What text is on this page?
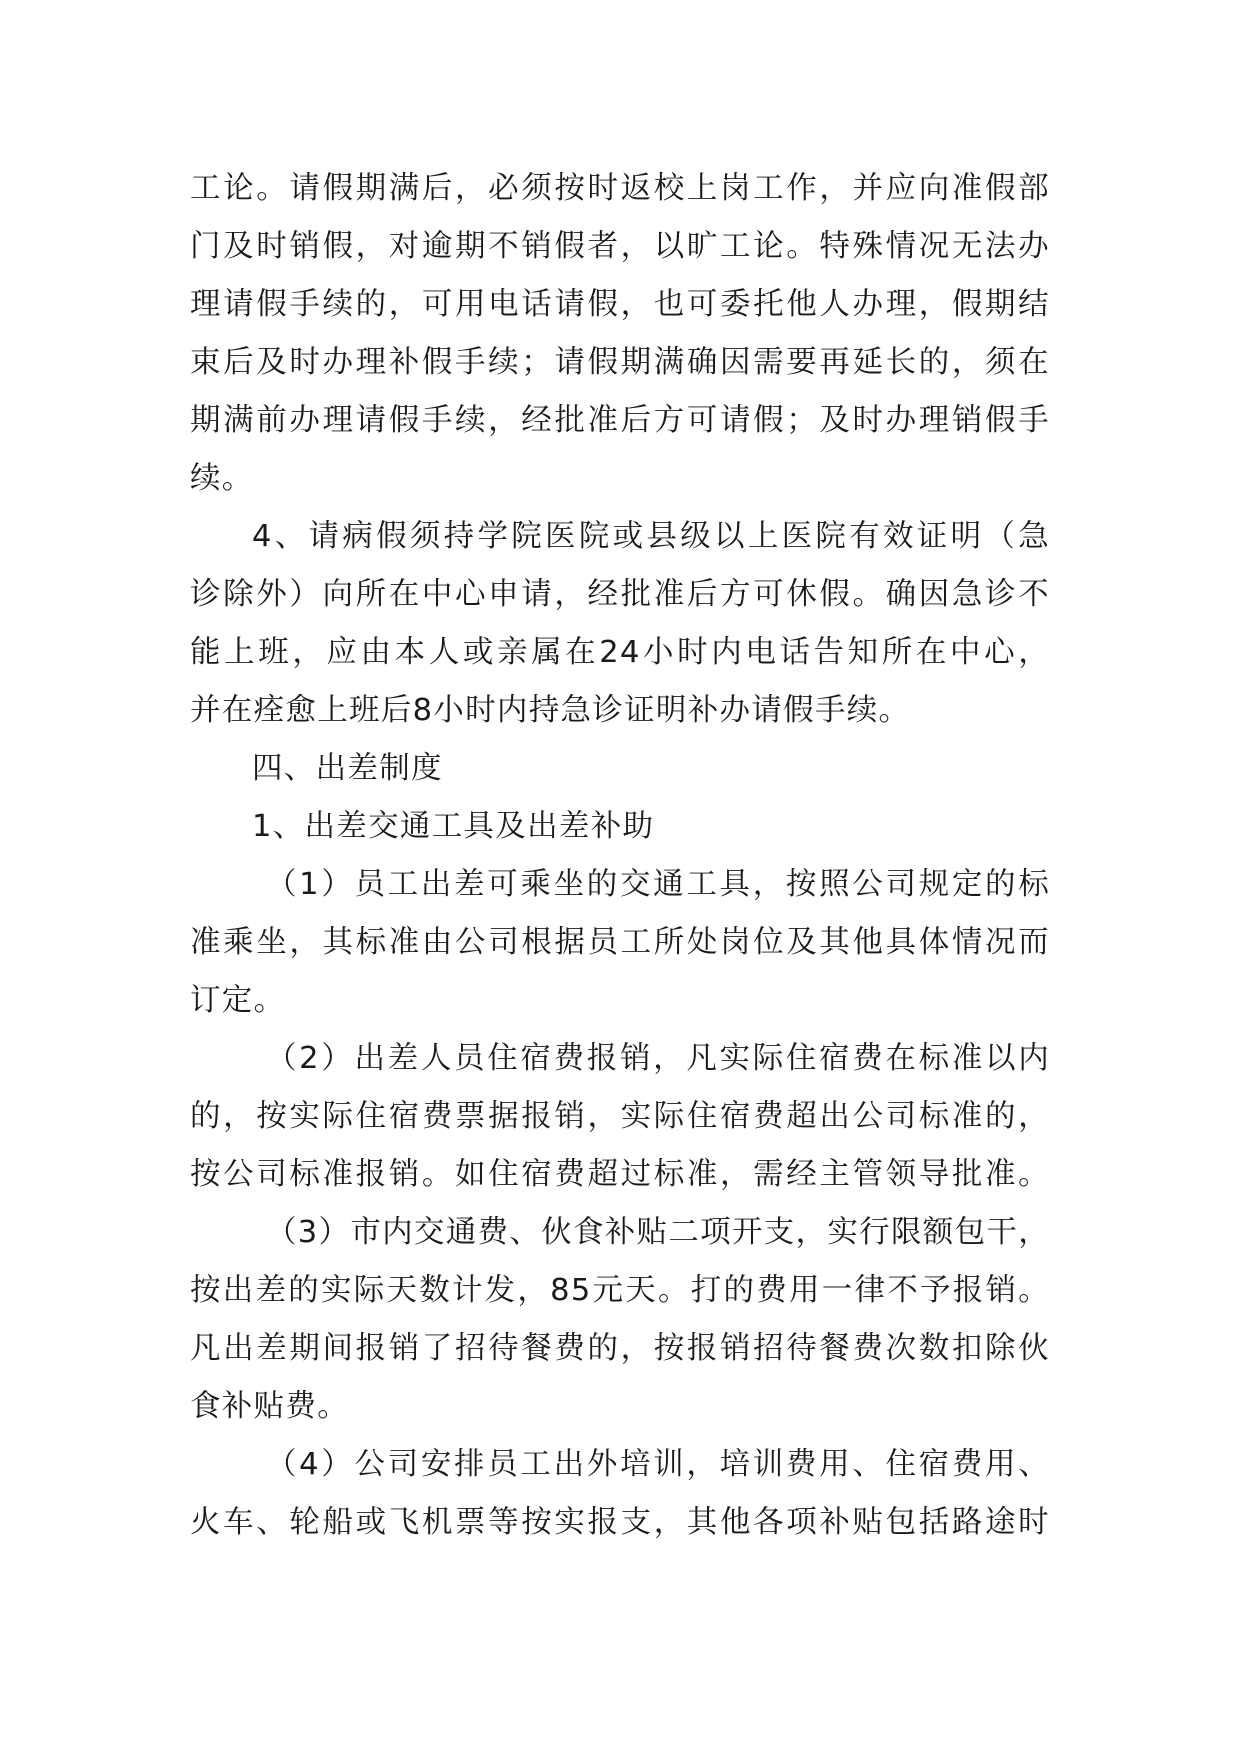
工论。请假期满后，必须按时返校上岗工作，并应向准假部
门及时销假，对逾期不销假者，以旷工论。特殊情况无法办
理请假手续的，可用电话请假，也可委托他人办理，假期结
束后及时办理补假手续；请假期满确因需要再延长的，须在
期满前办理请假手续，经批准后方可请假；及时办理销假手
续。
4、请病假须持学院医院或县级以上医院有效证明（急
诊除外）向所在中心申请，经批准后方可休假。确因急诊不
能上班，应由本人或亲属在24小时内电话告知所在中心，
并在痊愈上班后8小时内持急诊证明补办请假手续。
四、出差制度
1、出差交通工具及出差补助
（1）员工出差可乘坐的交通工具，按照公司规定的标
准乘坐，其标准由公司根据员工所处岗位及其他具体情况而
订定。
（2）出差人员住宿费报销，凡实际住宿费在标准以内
的，按实际住宿费票据报销，实际住宿费超出公司标准的，
按公司标准报销。如住宿费超过标准，需经主管领导批准。
（3）市内交通费、伙食补贴二项开支，实行限额包干，
按出差的实际天数计发，85元天。打的费用一律不予报销。
凡出差期间报销了招待餐费的，按报销招待餐费次数扣除伙
食补贴费。
（4）公司安排员工出外培训，培训费用、住宿费用、
火车、轮船或飞机票等按实报支，其他各项补贴包括路途时
